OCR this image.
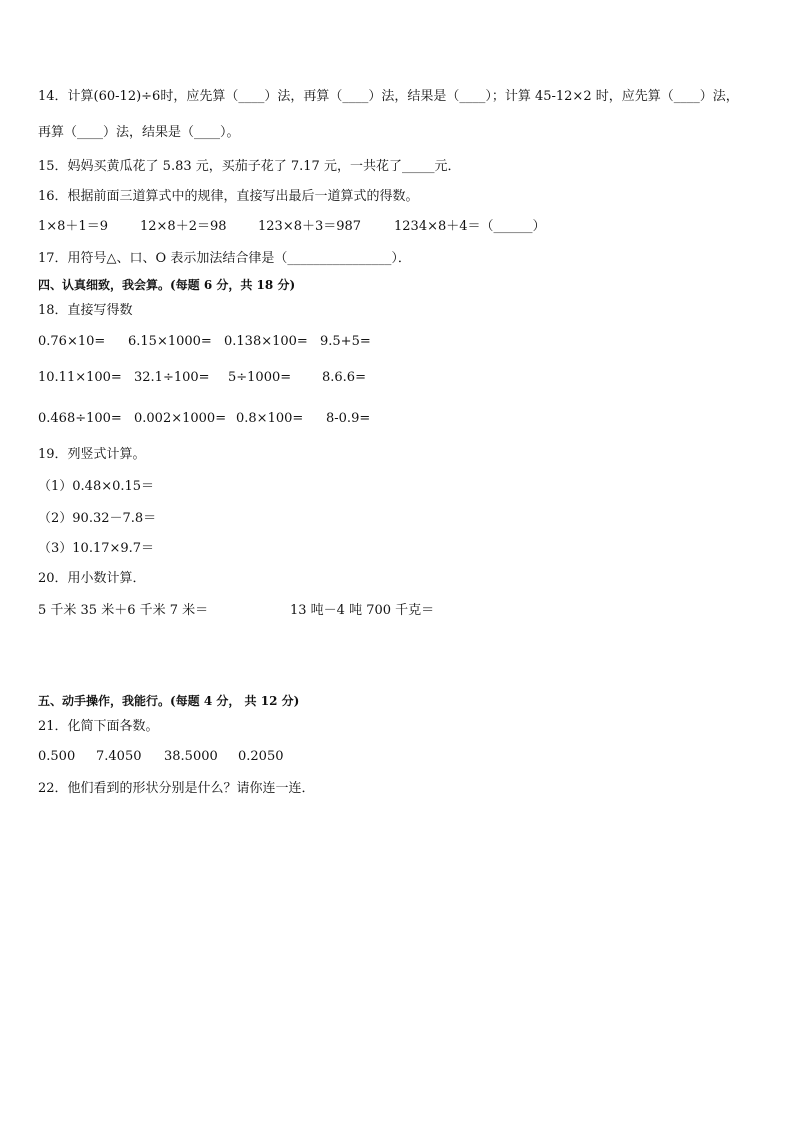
14．计算(60-12)÷6时，应先算（____）法，再算（____）法，结果是（____）；计算 45-12×2 时，应先算（____）法，
再算（____）法，结果是（____）。
15．妈妈买黄瓜花了 5.83 元，买茄子花了 7.17 元，一共花了_____元．
16．根据前面三道算式中的规律，直接写出最后一道算式的得数。
1×8＋1＝9 12×8＋2＝98 123×8＋3＝987	1234×8＋4＝（______）
17．用符号△、口、O 表示加法结合律是（________________）．
四、认真细致，我会算。(每题 6 分，共 18 分)
18．直接写得数
0.76×10= 6.15×1000= 0.138×100= 9.5+5=
10.11×100= 32.1÷100= 5÷1000= 8.6.6=
0.468÷100= 0.002×1000= 0.8×100= 8-0.9=
19．列竖式计算。
（1）0.48×0.15＝
（2）90.32－7.8＝
（3）10.17×9.7＝
20．用小数计算．
5 千米 35 米＋6 千米 7 米＝	13 吨－4 吨 700 千克＝
五、动手操作，我能行。(每题 4 分， 共 12 分)
21．化简下面各数。
0.500 7.4050 38.5000 0.2050
22．他们看到的形状分别是什么？请你连一连．
